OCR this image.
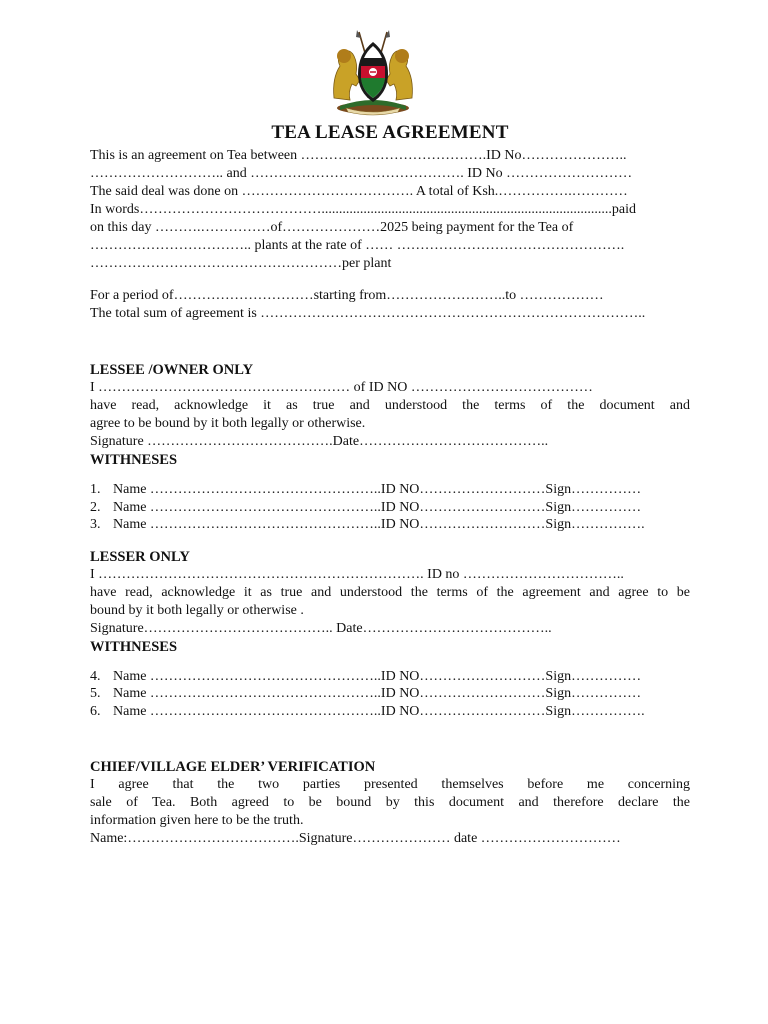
TEA LEASE AGREEMENT
This is an agreement on Tea between ………………………………….ID No…………………..
……………………….. and ………………………………………. ID No ………………………
The said deal was done on ………………………………. A total of Ksh.…………….…………
In words…………………………………...................................................................................paid
on this day ……….……………of…………………2025 being payment for the Tea of
…………………………….. plants at the rate of …… ………………………………………….
………………………………………………per plant
For a period of…………………………starting from……………………..to ………………
The total sum of agreement is ………………………………………………………………………..
LESSEE /OWNER ONLY
I ……………………………………………… of ID NO …………………………………
have read, acknowledge it as true and understood the terms of the document and
agree to be bound by it both legally or otherwise.
Signature ………………………………….Date…………………………………..
WITHNESES
1. Name …………………………………………..ID NO………………………Sign……………
2. Name …………………………………………..ID NO………………………Sign……………
3. Name …………………………………………..ID NO………………………Sign…………….
LESSER ONLY
I ……………………………………………………………. ID no ……………………………..
have read, acknowledge it as true and understood the terms of the agreement and agree to be
bound by it both legally or otherwise .
Signature………………………………….. Date…………………………………..
WITHNESES
4. Name …………………………………………..ID NO………………………Sign……………
5. Name …………………………………………..ID NO………………………Sign……………
6. Name …………………………………………..ID NO………………………Sign…………….
CHIEF/VILLAGE ELDER’ VERIFICATION
I agree that the two parties presented themselves before me concerning
sale of Tea. Both agreed to be bound by this document and therefore declare the
information given here to be the truth.
Name:……………………………….Signature………………… date …………………………
